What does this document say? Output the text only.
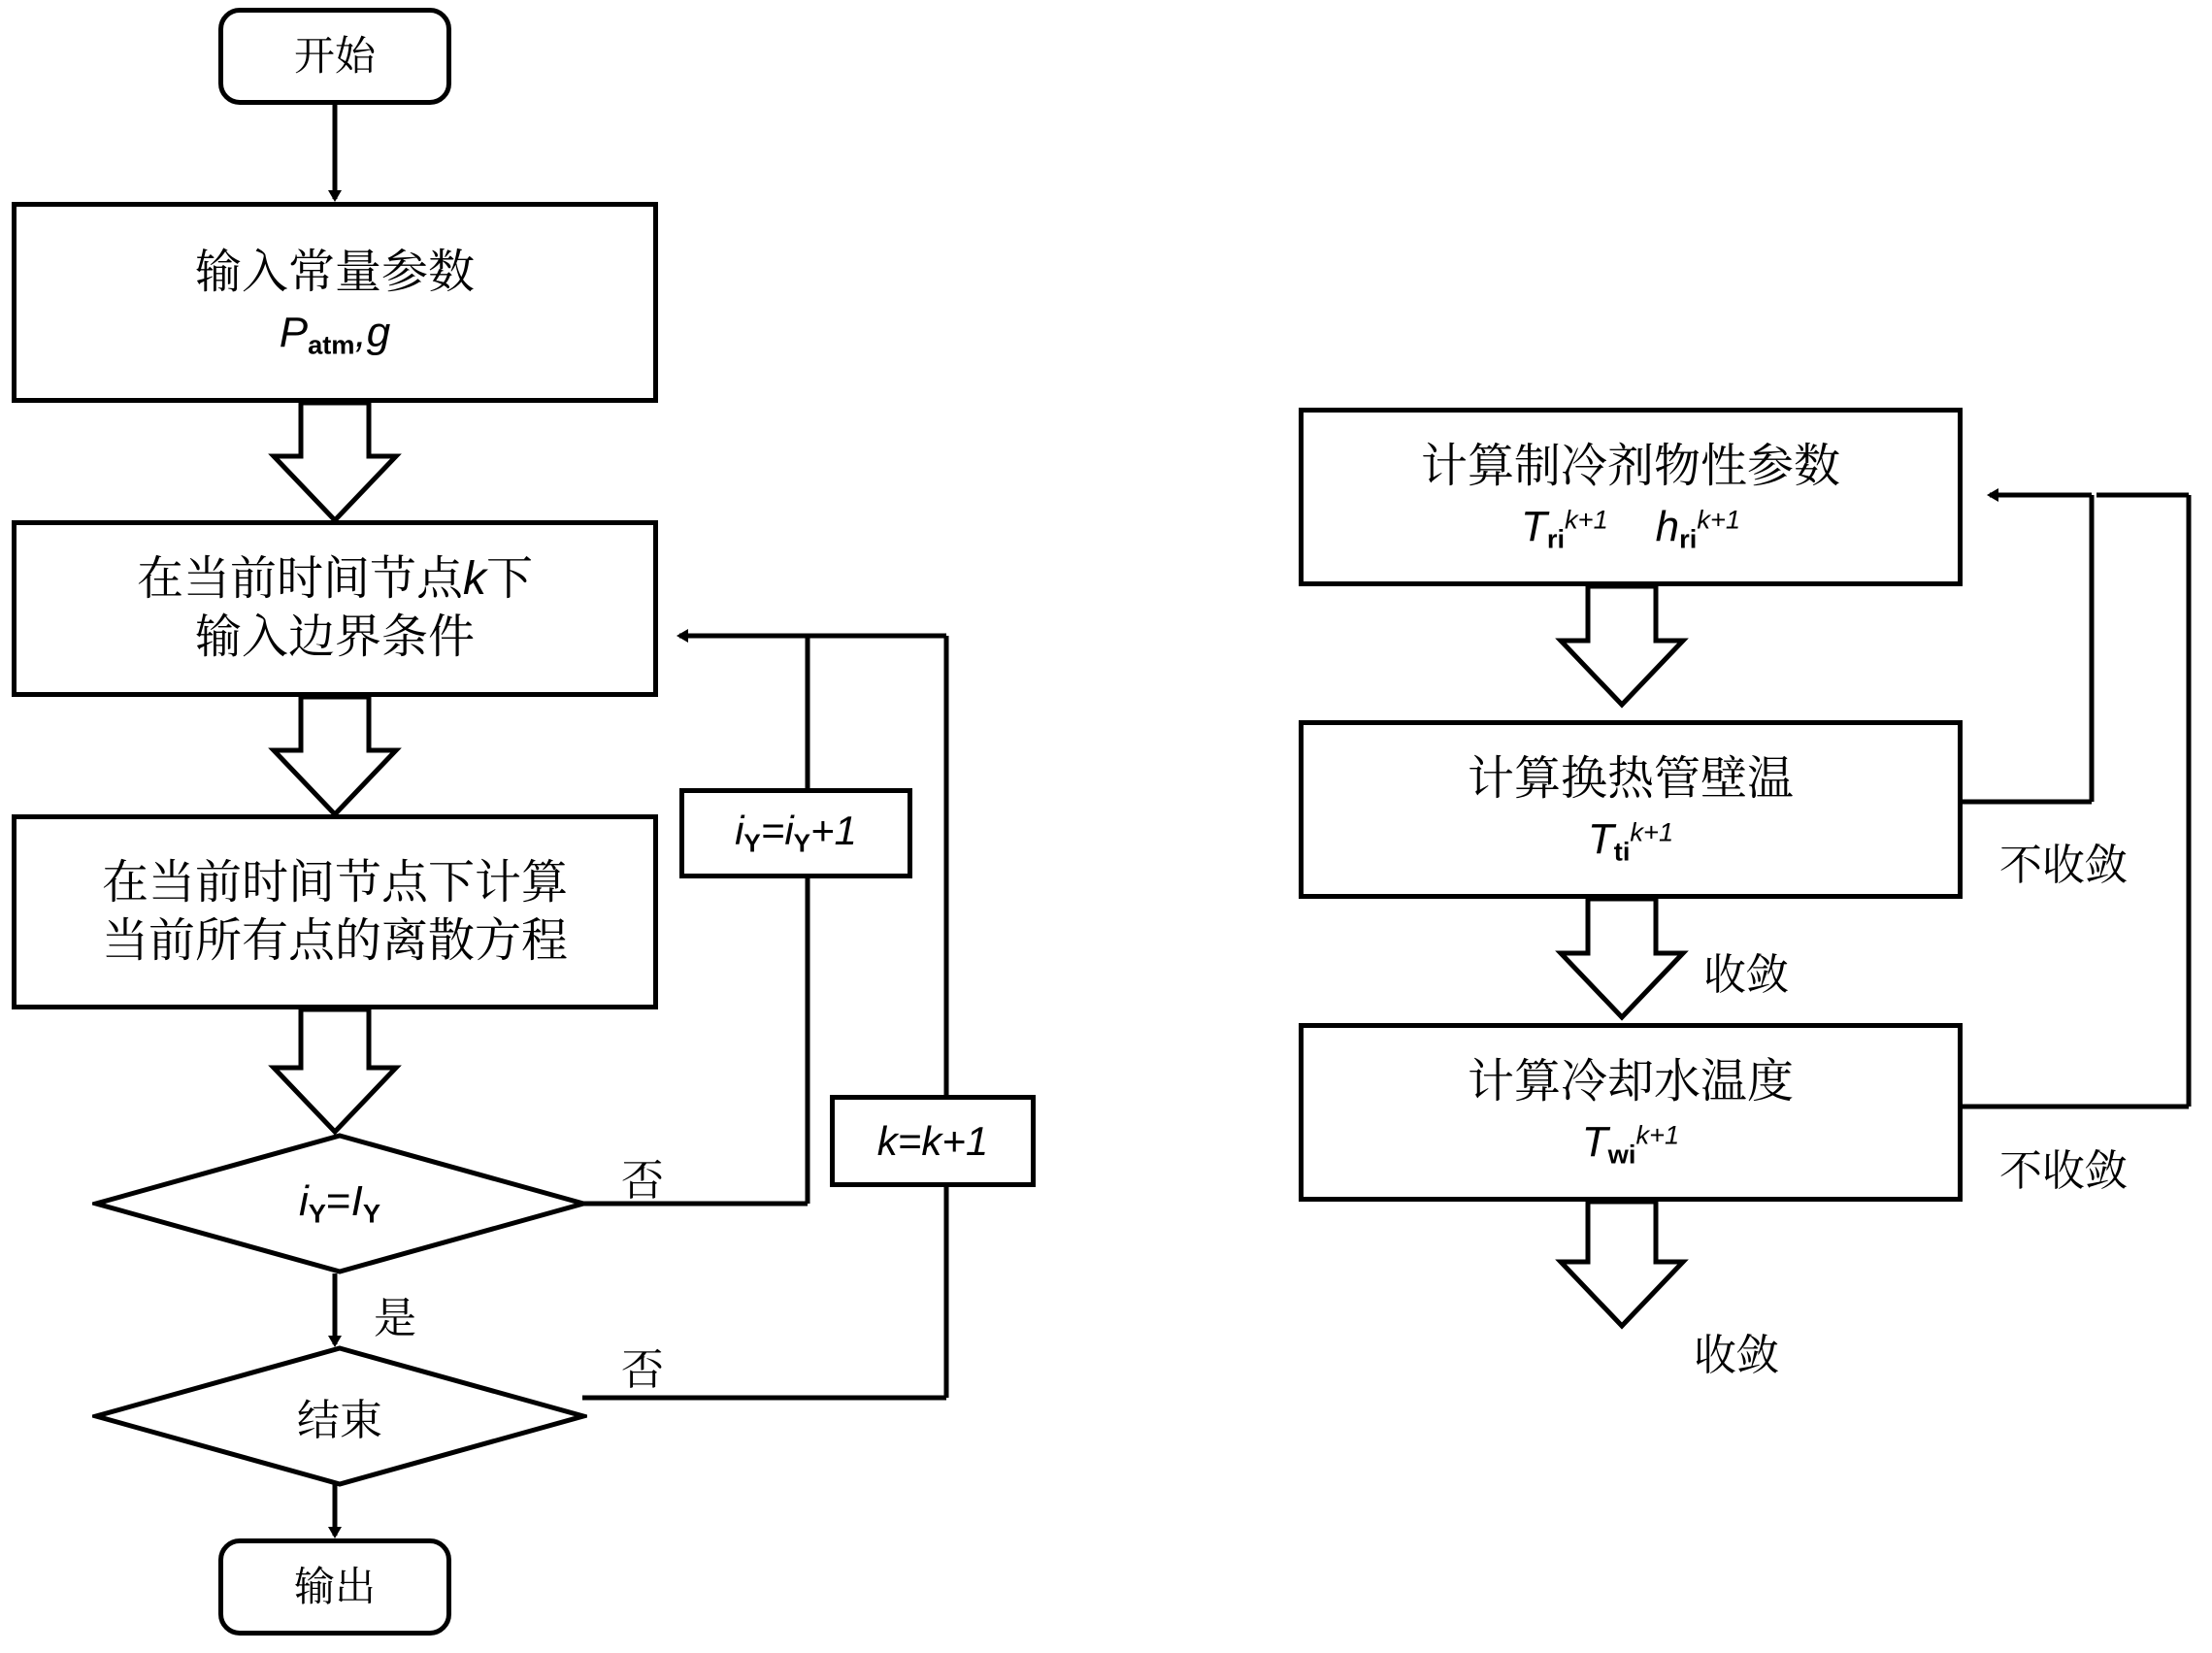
开始
输入常量参数
$P_{atm},g$
在当前时间节点k下
输入边界条件
在当前时间节点下计算
当前所有点的离散方程
$i_Y=I_Y$
结束
输出
$i_Y=i_Y+1$
k=k+1
否
是
否
计算制冷剂物性参数
$T_{ri}^{k+1}$ $h_{ri}^{k+1}$
计算换热管壁温
$T_{ti}^{k+1}$
计算冷却水温度
$T_{wi}^{k+1}$
不收敛
收敛
不收敛
收敛
